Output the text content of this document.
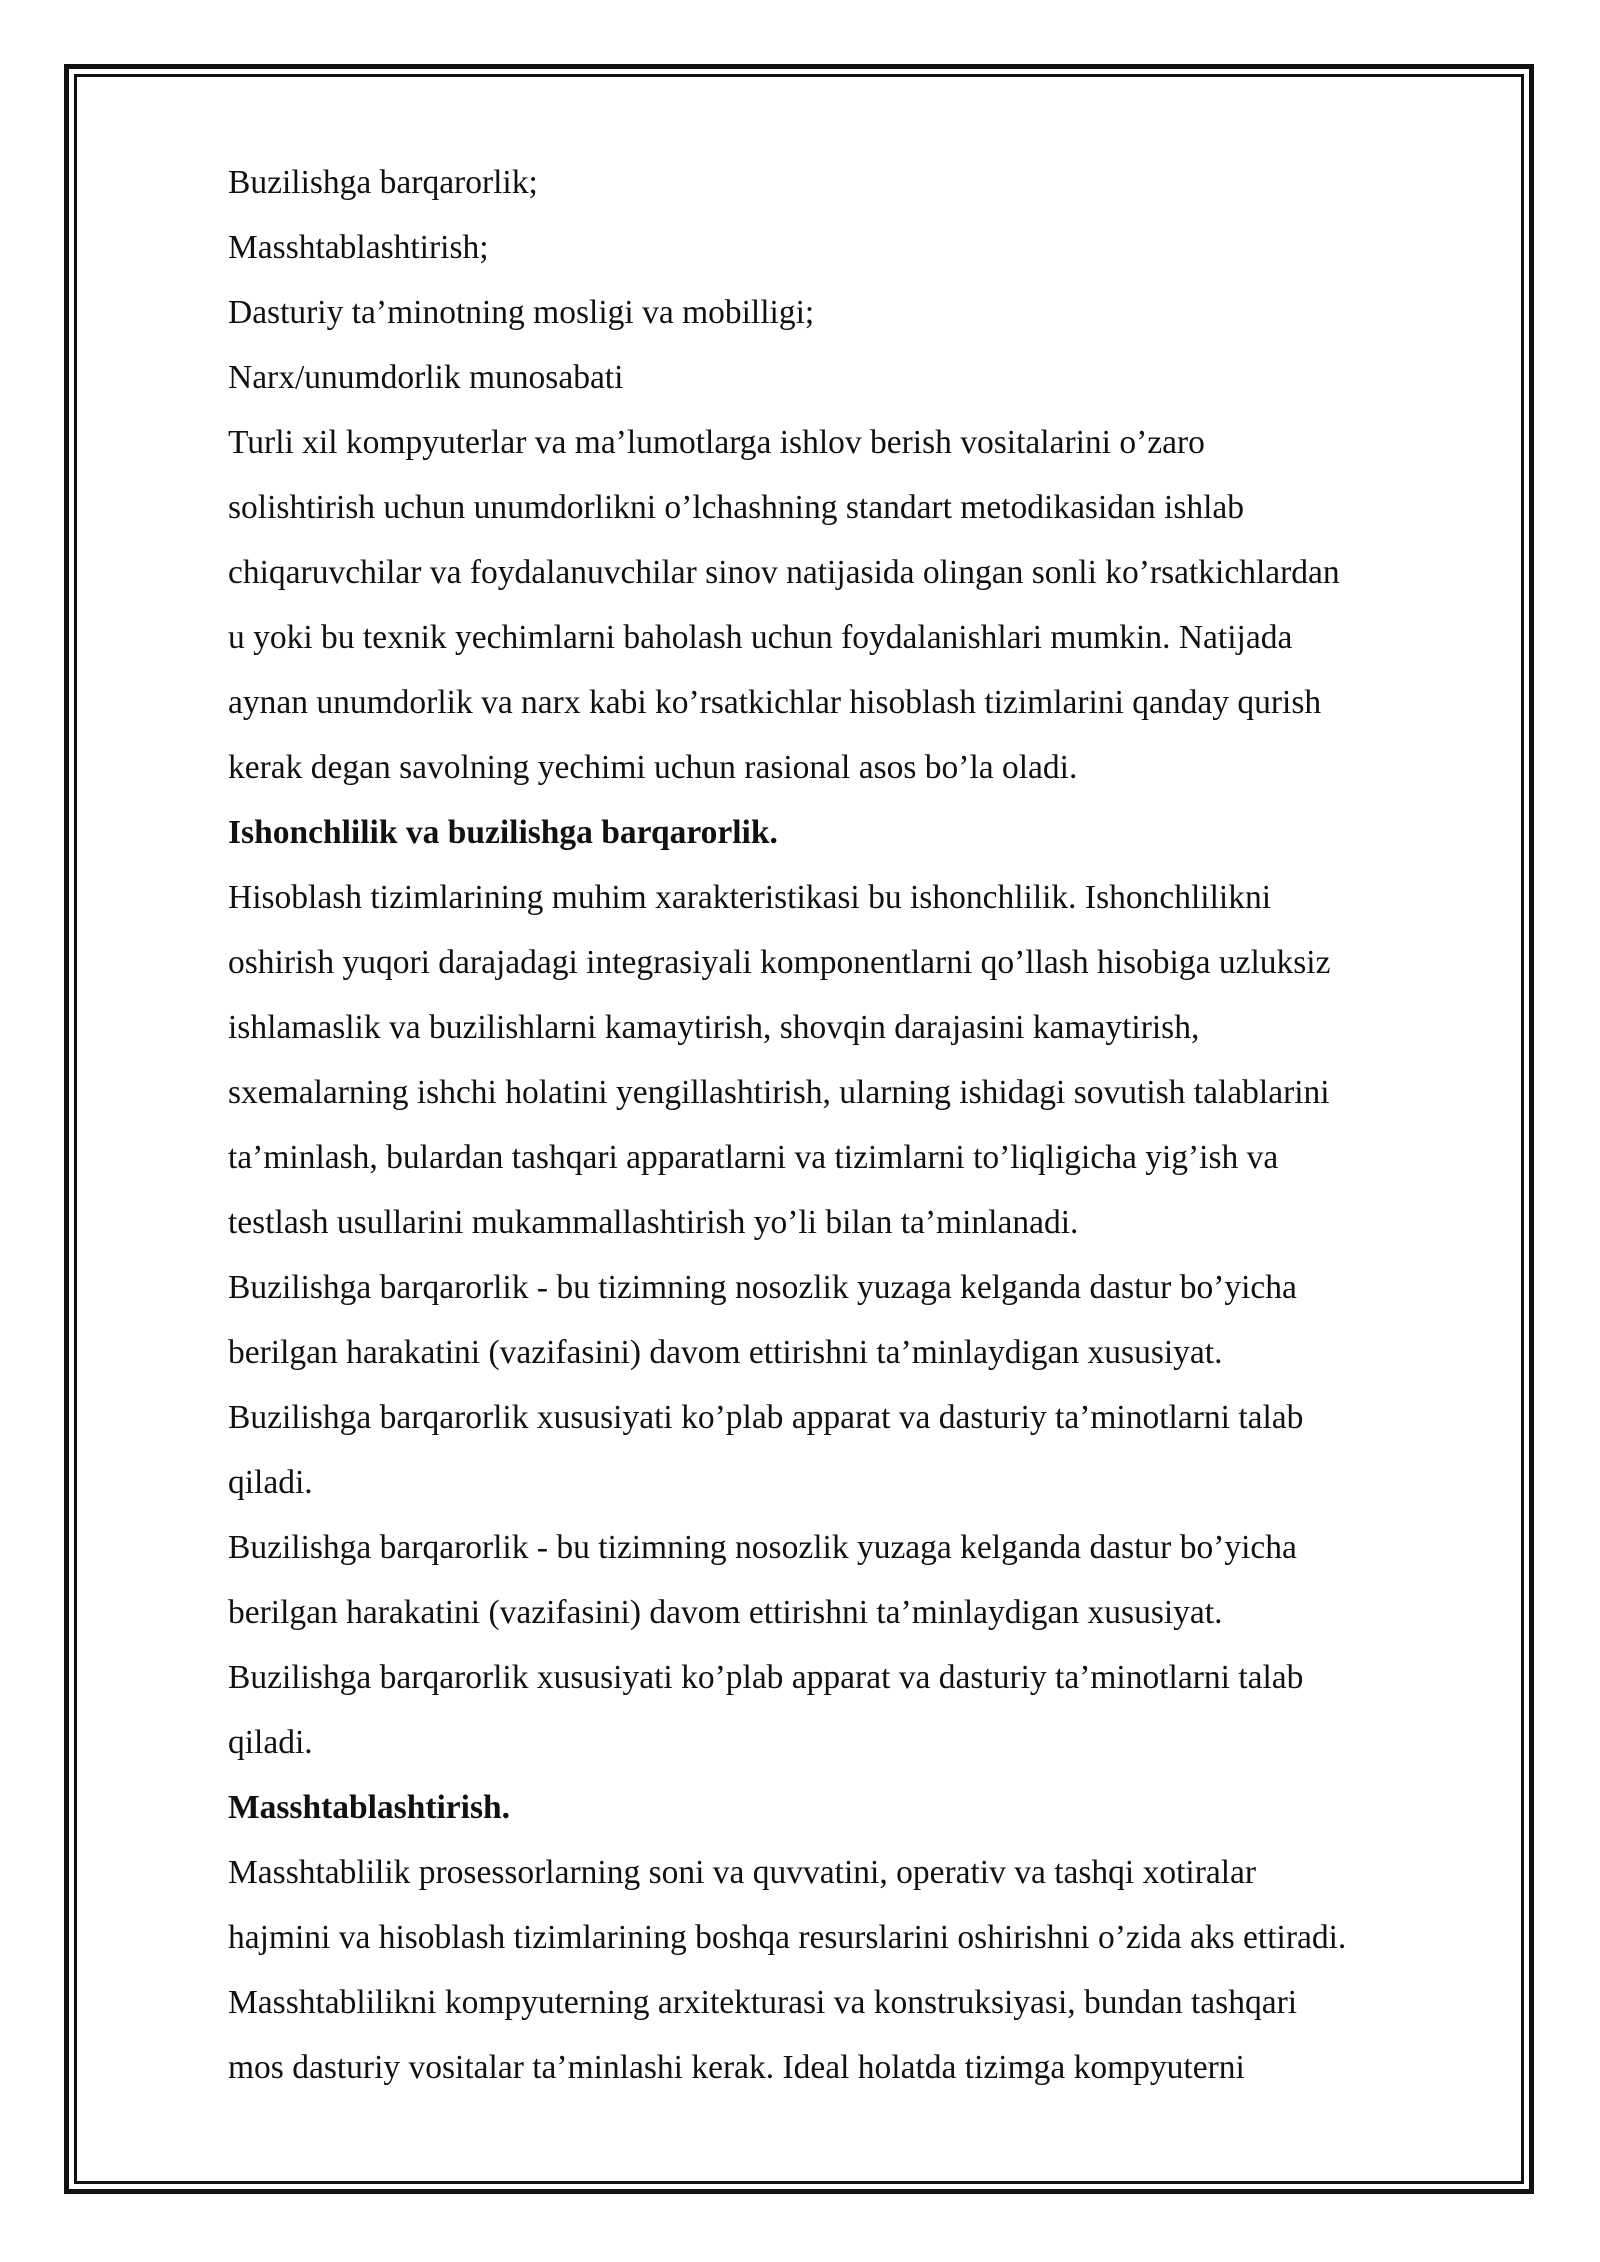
Buzilishga barqarorlik;

Masshtablashtirish;

Dasturiy ta’minotning mosligi va mobilligi;

Narx/unumdorlik munosabati

Turli xil kompyuterlar va ma’lumotlarga ishlov berish vositalarini o’zaro

solishtirish uchun unumdorlikni o’lchashning standart metodikasidan ishlab

chiqaruvchilar va foydalanuvchilar sinov natijasida olingan sonli ko’rsatkichlardan

u yoki bu texnik yechimlarni baholash uchun foydalanishlari mumkin. Natijada

aynan unumdorlik va narx kabi ko’rsatkichlar hisoblash tizimlarini qanday qurish

kerak degan savolning yechimi uchun rasional asos bo’la oladi.

Ishonchlilik va buzilishga barqarorlik.

Hisoblash tizimlarining muhim xarakteristikasi bu ishonchlilik. Ishonchlilikni

oshirish yuqori darajadagi integrasiyali komponentlarni qo’llash hisobiga uzluksiz

ishlamaslik va buzilishlarni kamaytirish, shovqin darajasini kamaytirish,

sxemalarning ishchi holatini yengillashtirish, ularning ishidagi sovutish talablarini

ta’minlash, bulardan tashqari apparatlarni va tizimlarni to’liqligicha yig’ish va

testlash usullarini mukammallashtirish yo’li bilan ta’minlanadi.

Buzilishga barqarorlik - bu tizimning nosozlik yuzaga kelganda dastur bo’yicha

berilgan harakatini (vazifasini) davom ettirishni ta’minlaydigan xususiyat.

Buzilishga barqarorlik xususiyati ko’plab apparat va dasturiy ta’minotlarni talab

qiladi.

Buzilishga barqarorlik - bu tizimning nosozlik yuzaga kelganda dastur bo’yicha

berilgan harakatini (vazifasini) davom ettirishni ta’minlaydigan xususiyat.

Buzilishga barqarorlik xususiyati ko’plab apparat va dasturiy ta’minotlarni talab

qiladi.

Masshtablashtirish.

Masshtablilik prosessorlarning soni va quvvatini, operativ va tashqi xotiralar

hajmini va hisoblash tizimlarining boshqa resurslarini oshirishni o’zida aks ettiradi.

Masshtablilikni kompyuterning arxitekturasi va konstruksiyasi, bundan tashqari

mos dasturiy vositalar ta’minlashi kerak. Ideal holatda tizimga kompyuterni
